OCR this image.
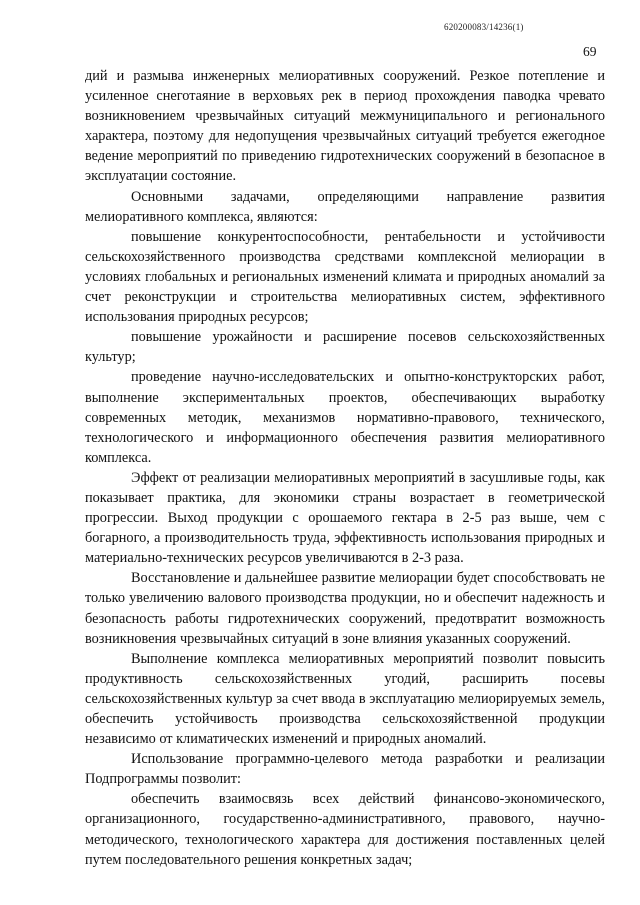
620200083/14236(1)
69

дий и размыва инженерных мелиоративных сооружений. Резкое потепление и усиленное снеготаяние в верховьях рек в период прохождения паводка чревато возникновением чрезвычайных ситуаций межмуниципального и регионального характера, поэтому для недопущения чрезвычайных ситуаций требуется ежегодное ведение мероприятий по приведению гидротехнических сооружений в безопасное в эксплуатации состояние.

Основными задачами, определяющими направление развития мелиоративного комплекса, являются:

повышение конкурентоспособности, рентабельности и устойчивости сельскохозяйственного производства средствами комплексной мелиорации в условиях глобальных и региональных изменений климата и природных аномалий за счет реконструкции и строительства мелиоративных систем, эффективного использования природных ресурсов;

повышение урожайности и расширение посевов сельскохозяйственных культур;

проведение научно-исследовательских и опытно-конструкторских работ, выполнение экспериментальных проектов, обеспечивающих выработку современных методик, механизмов нормативно-правового, технического, технологического и информационного обеспечения развития мелиоративного комплекса.

Эффект от реализации мелиоративных мероприятий в засушливые годы, как показывает практика, для экономики страны возрастает в геометрической прогрессии. Выход продукции с орошаемого гектара в 2-5 раз выше, чем с богарного, а производительность труда, эффективность использования природных и материально-технических ресурсов увеличиваются в 2-3 раза.

Восстановление и дальнейшее развитие мелиорации будет способствовать не только увеличению валового производства продукции, но и обеспечит надежность и безопасность работы гидротехнических сооружений, предотвратит возможность возникновения чрезвычайных ситуаций в зоне влияния указанных сооружений.

Выполнение комплекса мелиоративных мероприятий позволит повысить продуктивность сельскохозяйственных угодий, расширить посевы сельскохозяйственных культур за счет ввода в эксплуатацию мелиорируемых земель, обеспечить устойчивость производства сельскохозяйственной продукции независимо от климатических изменений и природных аномалий.

Использование программно-целевого метода разработки и реализации Подпрограммы позволит:

обеспечить взаимосвязь всех действий финансово-экономического, организационного, государственно-административного, правового, научно-методического, технологического характера для достижения поставленных целей путем последовательного решения конкретных задач;
